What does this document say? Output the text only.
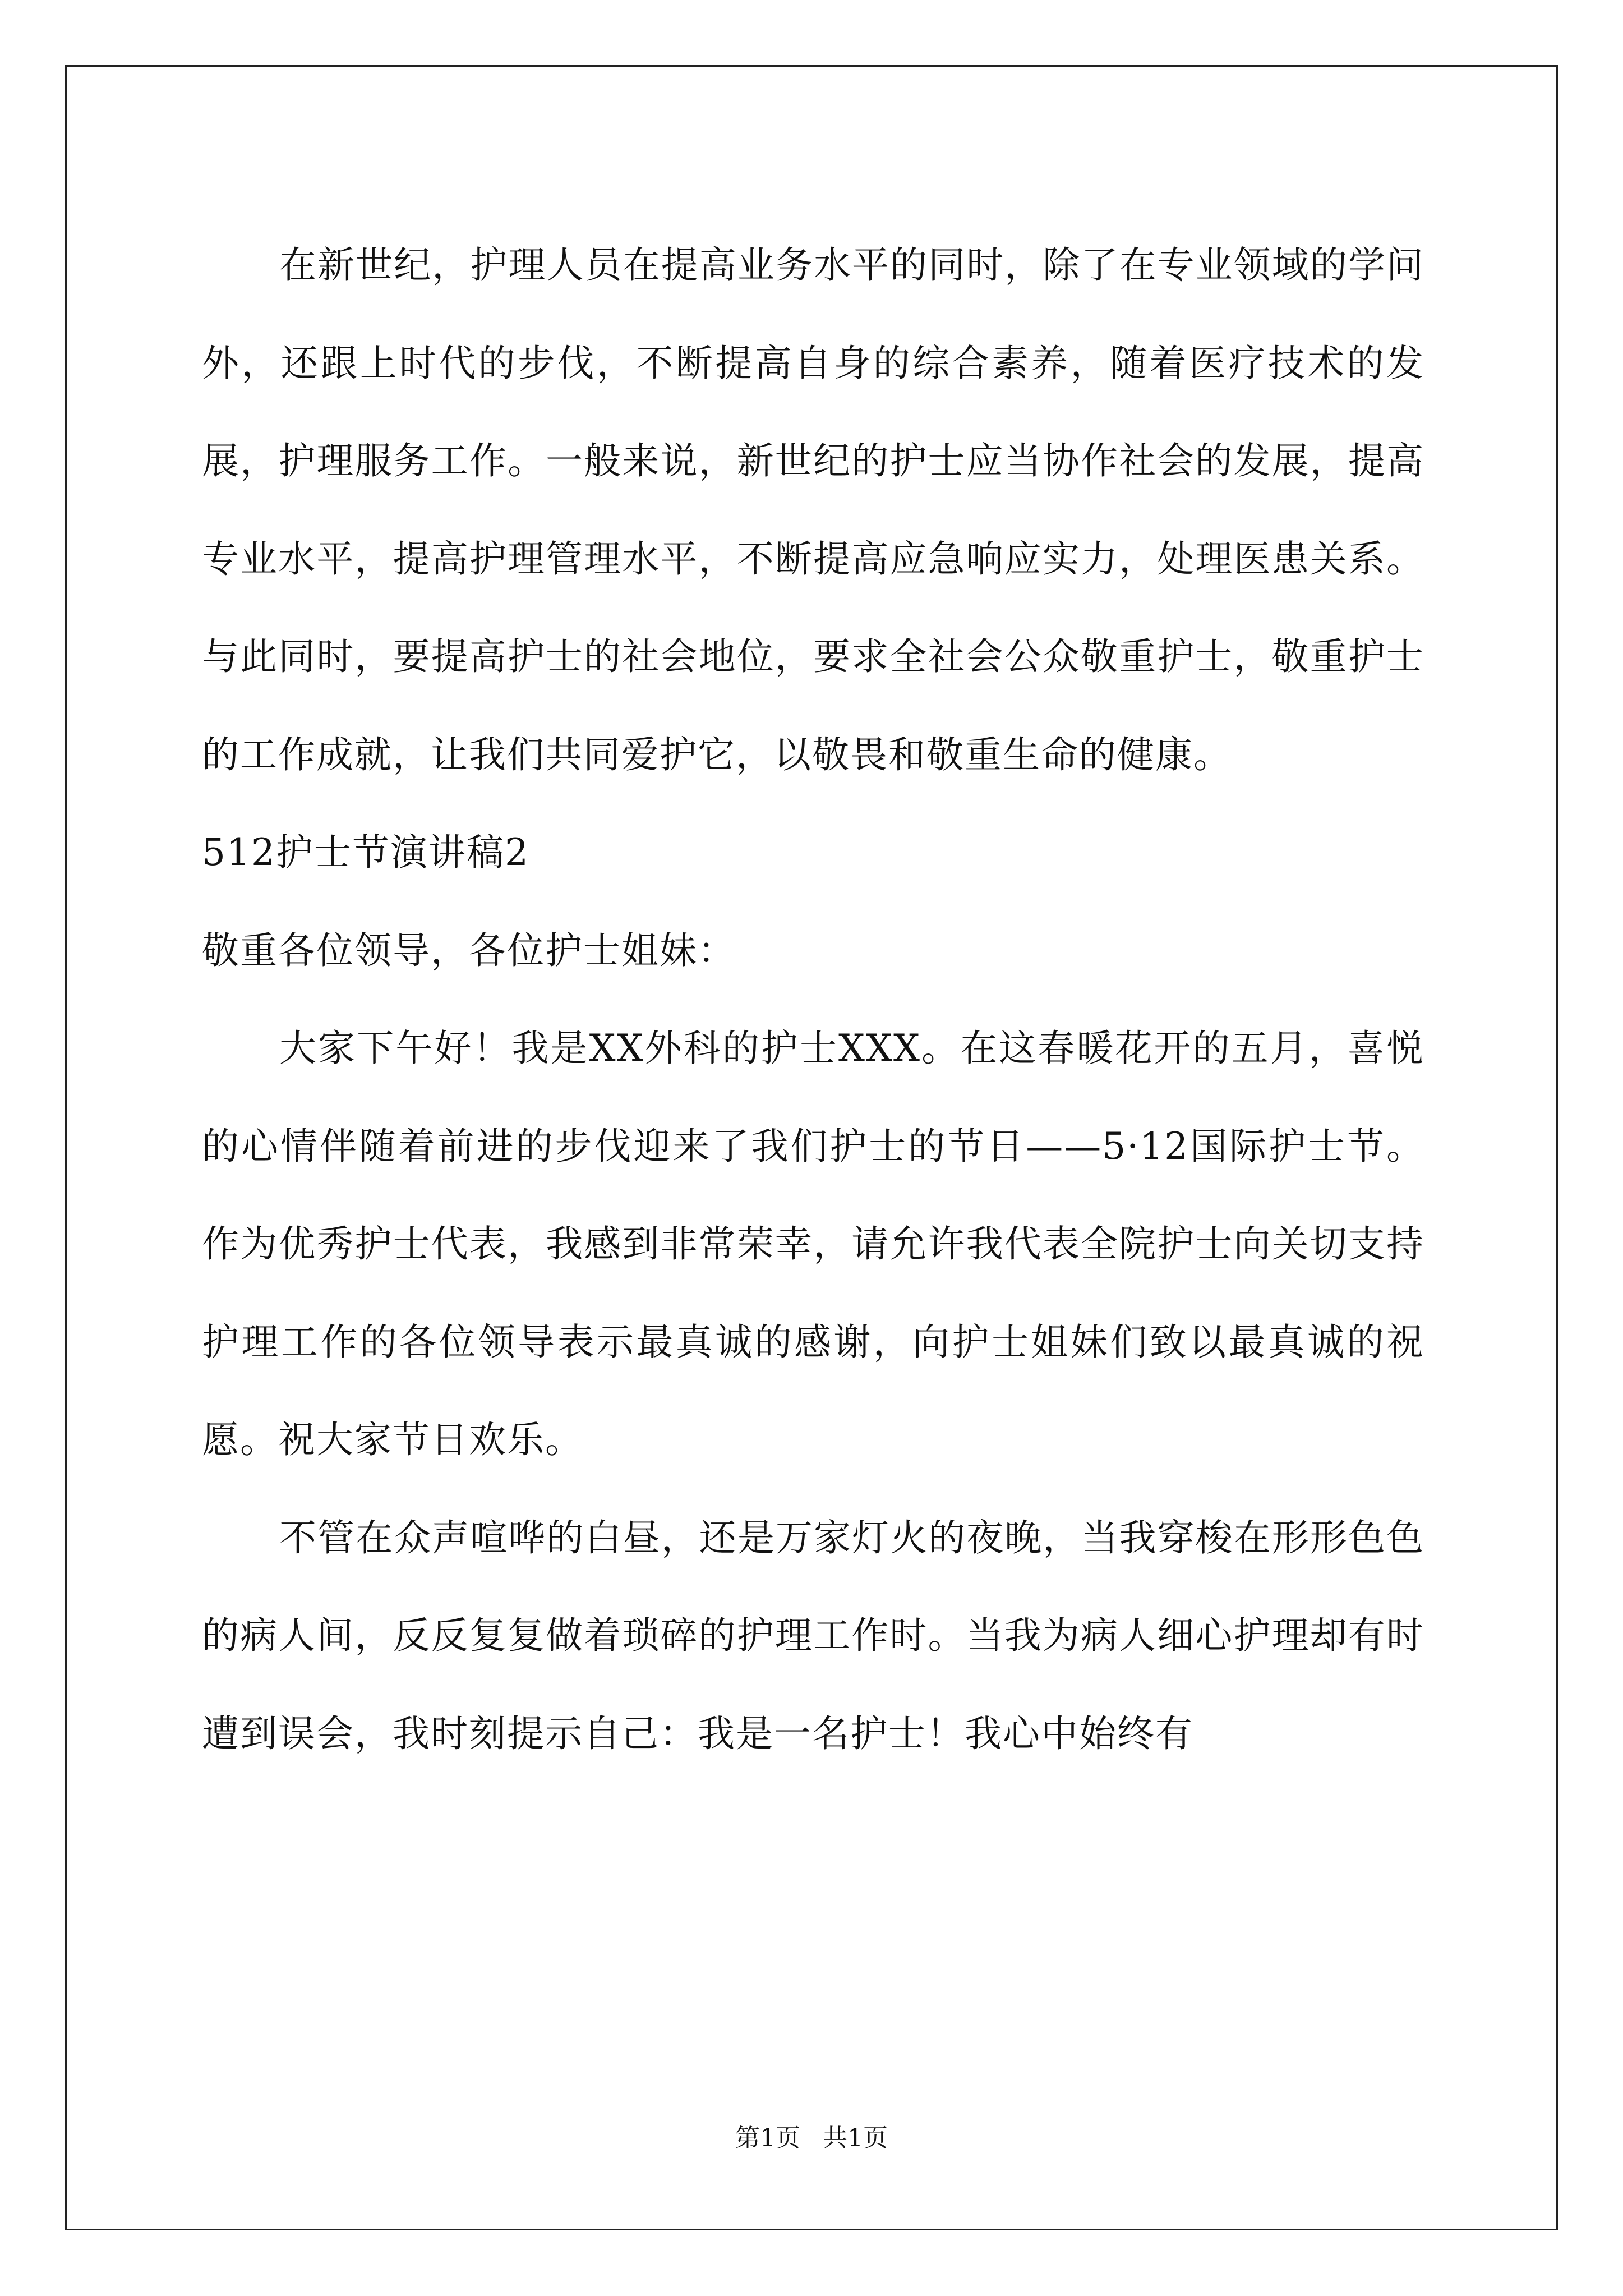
在新世纪，护理人员在提高业务水平的同时，除了在专业领域的学问外，还跟上时代的步伐，不断提高自身的综合素养，随着医疗技术的发展，护理服务工作。一般来说，新世纪的护士应当协作社会的发展，提高专业水平，提高护理管理水平，不断提高应急响应实力，处理医患关系。与此同时，要提高护士的社会地位，要求全社会公众敬重护士，敬重护士的工作成就，让我们共同爱护它，以敬畏和敬重生命的健康。

512护士节演讲稿2

敬重各位领导，各位护士姐妹：

大家下午好！我是XX外科的护士XXX。在这春暖花开的五月，喜悦的心情伴随着前进的步伐迎来了我们护士的节日——5·12国际护士节。作为优秀护士代表，我感到非常荣幸，请允许我代表全院护士向关切支持护理工作的各位领导表示最真诚的感谢，向护士姐妹们致以最真诚的祝愿。祝大家节日欢乐。

不管在众声喧哗的白昼，还是万家灯火的夜晚，当我穿梭在形形色色的病人间，反反复复做着琐碎的护理工作时。当我为病人细心护理却有时遭到误会，我时刻提示自己：我是一名护士！我心中始终有

第1页 共1页
